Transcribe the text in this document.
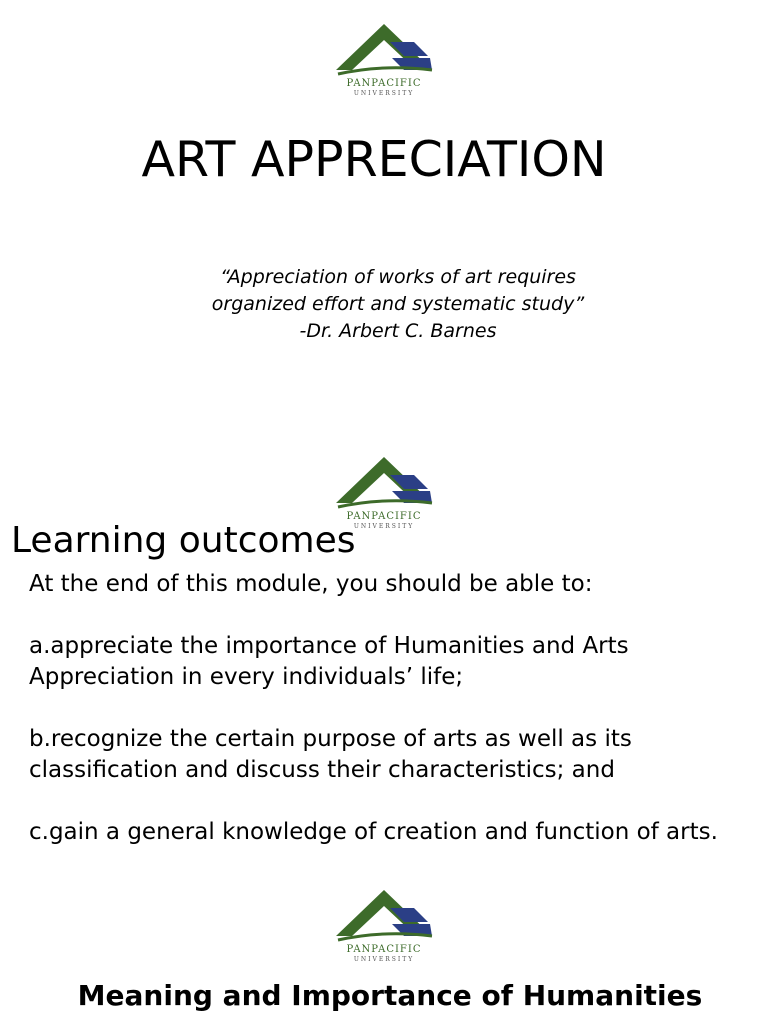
PANPACIFIC
UNIVERSITY
ART APPRECIATION
“Appreciation of works of art requires
organized effort and systematic study”
-Dr. Arbert C. Barnes
PANPACIFIC
UNIVERSITY
Learning outcomes
At the end of this module, you should be able to:
a.appreciate the importance of Humanities and Arts Appreciation in every individuals’ life;
b.recognize the certain purpose of arts as well as its classification and discuss their characteristics; and
c.gain a general knowledge of creation and function of arts.
PANPACIFIC
UNIVERSITY
Meaning and Importance of Humanities
